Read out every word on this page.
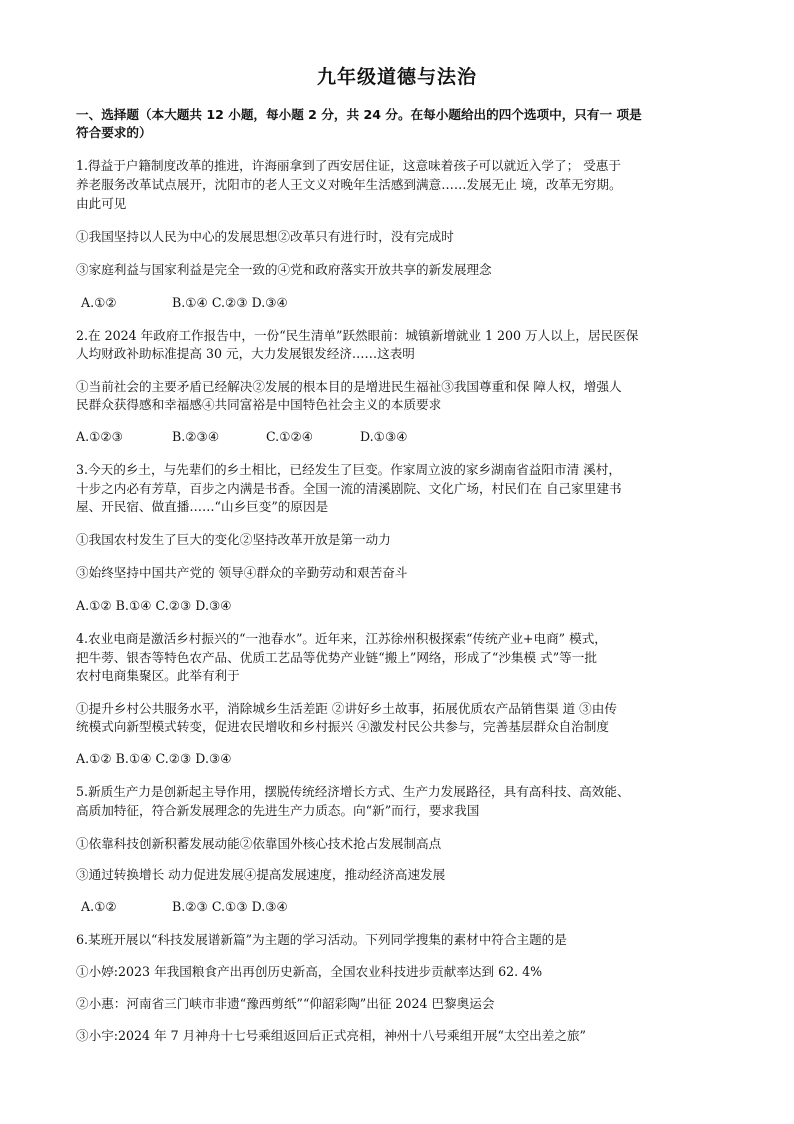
九年级道德与法治
一、选择题（本大题共 12 小题，每小题 2 分，共 24 分。在每小题给出的四个选项中，只有一 项是
符合要求的）
1.得益于户籍制度改革的推进，许海丽拿到了西安居住证，这意味着孩子可以就近入学了； 受惠于
养老服务改革试点展开，沈阳市的老人王文义对晚年生活感到满意……发展无止 境，改革无穷期。
由此可见
①我国坚持以人民为中心的发展思想②改革只有进行时，没有完成时
③家庭利益与国家利益是完全一致的④党和政府落实开放共享的新发展理念
A.①②	B.①④ C.②③ D.③④
2.在 2024 年政府工作报告中，一份“民生清单”跃然眼前：城镇新增就业 1 200 万人以上，居民医保
人均财政补助标准提高 30 元，大力发展银发经济……这表明
①当前社会的主要矛盾已经解决②发展的根本目的是增进民生福祉③我国尊重和保 障人权，增强人
民群众获得感和幸福感④共同富裕是中国特色社会主义的本质要求
A.①②③	B.②③④	C.①②④	D.①③④
3.今天的乡土，与先辈们的乡土相比，已经发生了巨变。作家周立波的家乡湖南省益阳市清 溪村，
十步之内必有芳草，百步之内满是书香。全国一流的清溪剧院、文化广场，村民们在 自己家里建书
屋、开民宿、做直播……“山乡巨变”的原因是
①我国农村发生了巨大的变化②坚持改革开放是第一动力
③始终坚持中国共产党的 领导④群众的辛勤劳动和艰苦奋斗
A.①② B.①④ C.②③ D.③④
4.农业电商是激活乡村振兴的“一池春水”。近年来，江苏徐州积极探索“传统产业+电商” 模式，
把牛蒡、银杏等特色农产品、优质工艺品等优势产业链“搬上”网络，形成了“沙集模 式”等一批
农村电商集聚区。此举有利于
①提升乡村公共服务水平，消除城乡生活差距 ②讲好乡土故事，拓展优质农产品销售渠 道 ③由传
统模式向新型模式转变，促进农民增收和乡村振兴 ④激发村民公共参与，完善基层群众自治制度
A.①② B.①④ C.②③ D.③④
5.新质生产力是创新起主导作用，摆脱传统经济增长方式、生产力发展路径，具有高科技、高效能、
高质加特征，符合新发展理念的先进生产力质态。向“新”而行，要求我国
①依靠科技创新积蓄发展动能②依靠国外核心技术抢占发展制高点
③通过转换增长 动力促进发展④提高发展速度，推动经济高速发展
A.①②	B.②③ C.①③ D.③④
6.某班开展以“科技发展谱新篇”为主题的学习活动。下列同学搜集的素材中符合主题的是
①小婷:2023 年我国粮食产出再创历史新高，全国农业科技进步贡献率达到 62. 4%
②小惠：河南省三门峡市非遗“豫西剪纸”“仰韶彩陶”出征 2024 巴黎奥运会
③小宇:2024 年 7 月神舟十七号乘组返回后正式亮相，神州十八号乘组开展“太空出差之旅”
